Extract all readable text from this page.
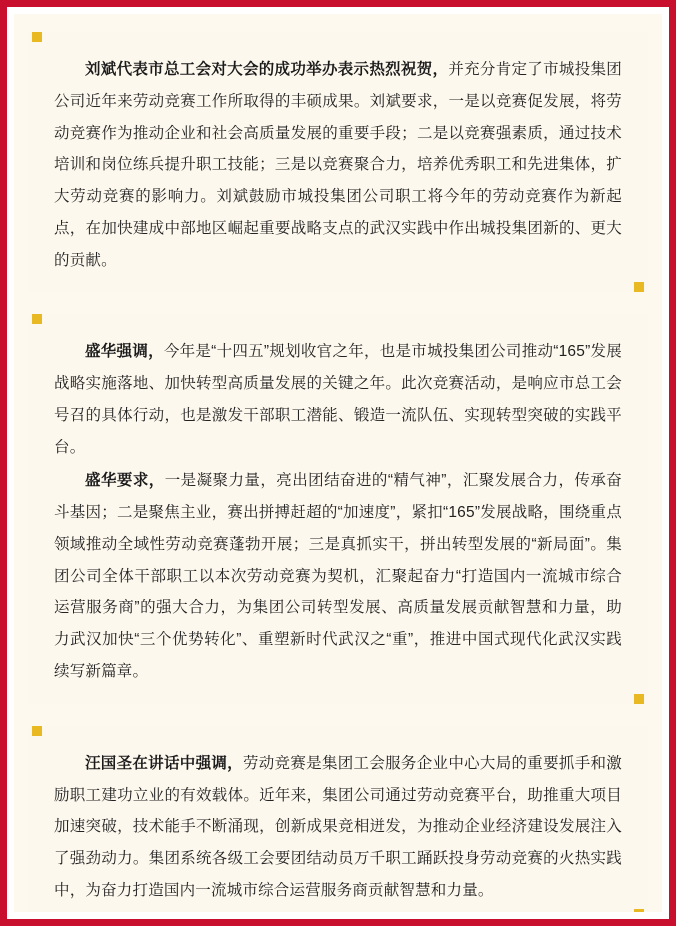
刘斌代表市总工会对大会的成功举办表示热烈祝贺，并充分肯定了市城投集团公司近年来劳动竞赛工作所取得的丰硕成果。刘斌要求，一是以竞赛促发展，将劳动竞赛作为推动企业和社会高质量发展的重要手段；二是以竞赛强素质，通过技术培训和岗位练兵提升职工技能；三是以竞赛聚合力，培养优秀职工和先进集体，扩大劳动竞赛的影响力。刘斌鼓励市城投集团公司职工将今年的劳动竞赛作为新起点，在加快建成中部地区崛起重要战略支点的武汉实践中作出城投集团新的、更大的贡献。

盛华强调，今年是“十四五”规划收官之年，也是市城投集团公司推动“165”发展战略实施落地、加快转型高质量发展的关键之年。此次竞赛活动，是响应市总工会号召的具体行动，也是激发干部职工潜能、锻造一流队伍、实现转型突破的实践平台。

盛华要求，一是凝聚力量，亮出团结奋进的“精气神”，汇聚发展合力，传承奋斗基因；二是聚焦主业，赛出拼搏赶超的“加速度”，紧扣“165”发展战略，围绕重点领域推动全域性劳动竞赛蓬勃开展；三是真抓实干，拼出转型发展的“新局面”。集团公司全体干部职工以本次劳动竞赛为契机，汇聚起奋力“打造国内一流城市综合运营服务商”的强大合力，为集团公司转型发展、高质量发展贡献智慧和力量，助力武汉加快“三个优势转化”、重塑新时代武汉之“重”，推进中国式现代化武汉实践续写新篇章。

汪国圣在讲话中强调，劳动竞赛是集团工会服务企业中心大局的重要抓手和激励职工建功立业的有效载体。近年来，集团公司通过劳动竞赛平台，助推重大项目加速突破，技术能手不断涌现，创新成果竞相迸发，为推动企业经济建设发展注入了强劲动力。集团系统各级工会要团结动员万千职工踊跃投身劳动竞赛的火热实践中，为奋力打造国内一流城市综合运营服务商贡献智慧和力量。
